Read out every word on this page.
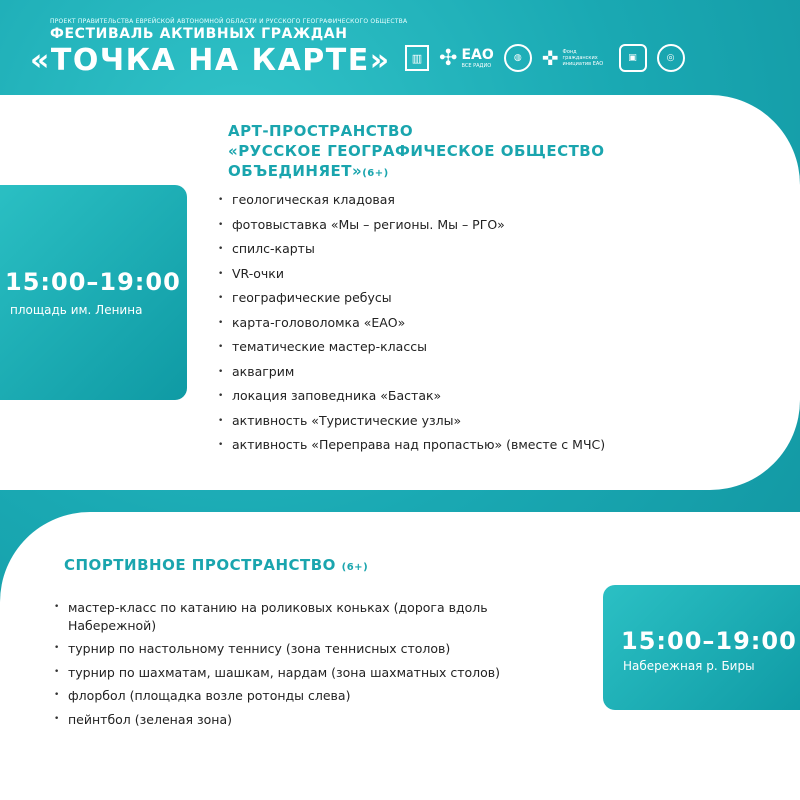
ПРОЕКТ ПРАВИТЕЛЬСТВА ЕВРЕЙСКОЙ АВТОНОМНОЙ ОБЛАСТИ И РУССКОГО ГЕОГРАФИЧЕСКОГО ОБЩЕСТВА
ФЕСТИВАЛЬ АКТИВНЫХ ГРАЖДАН
«ТОЧКА НА КАРТЕ»	▥ ✣ ЕАО
ВСЕ РАДИО
◍	✜ Фонд гражданских инициатив ЕАО
▣	◎
15:00–19:00
площадь им. Ленина
АРТ-ПРОСТРАНСТВО
«РУССКОЕ ГЕОГРАФИЧЕСКОЕ ОБЩЕСТВО
ОБЪЕДИНЯЕТ»(6+)
• геологическая кладовая
• фотовыставка «Мы – регионы. Мы – РГО»
• спилс-карты
• VR-очки
• географические ребусы
• карта-головоломка «ЕАО»
• тематические мастер-классы
• аквагрим
• локация заповедника «Бастак»
• активность «Туристические узлы»
• активность «Переправа над пропастью» (вместе с МЧС)
СПОРТИВНОЕ ПРОСТРАНСТВО (6+)
• мастер-класс по катанию на роликовых коньках (дорога вдоль
Набережной)
• турнир по настольному теннису (зона теннисных столов)
• турнир по шахматам, шашкам, нардам (зона шахматных столов)
• флорбол (площадка возле ротонды слева)
• пейнтбол (зеленая зона)
15:00–19:00
Набережная р. Биры
